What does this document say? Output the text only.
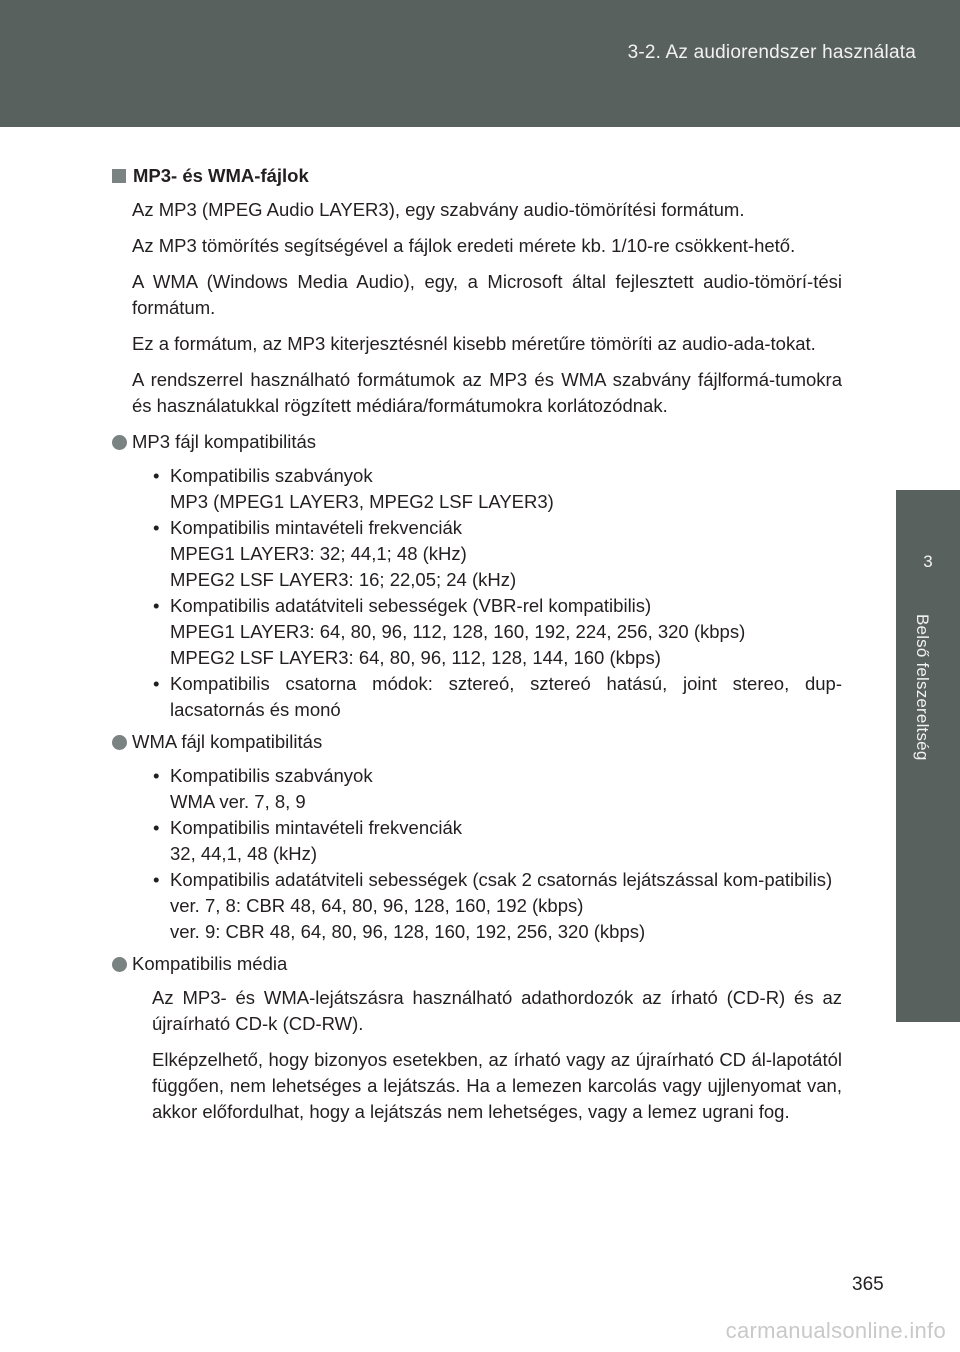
3-2. Az audiorendszer használata
3
Belső felszereltség
MP3- és WMA-fájlok

Az MP3 (MPEG Audio LAYER3), egy szabvány audio-tömörítési formátum.

Az MP3 tömörítés segítségével a fájlok eredeti mérete kb. 1/10-re csökkent-hető.

A WMA (Windows Media Audio), egy, a Microsoft által fejlesztett audio-tömörí-tési formátum.

Ez a formátum, az MP3 kiterjesztésnél kisebb méretűre tömöríti az audio-ada-tokat.

A rendszerrel használható formátumok az MP3 és WMA szabvány fájlformá-tumokra és használatukkal rögzített médiára/formátumokra korlátozódnak.

MP3 fájl kompatibilitás
• Kompatibilis szabványok
MP3 (MPEG1 LAYER3, MPEG2 LSF LAYER3)
• Kompatibilis mintavételi frekvenciák
MPEG1 LAYER3: 32; 44,1; 48 (kHz)
MPEG2 LSF LAYER3: 16; 22,05; 24 (kHz)
• Kompatibilis adatátviteli sebességek (VBR-rel kompatibilis)
MPEG1 LAYER3: 64, 80, 96, 112, 128, 160, 192, 224, 256, 320 (kbps)
MPEG2 LSF LAYER3: 64, 80, 96, 112, 128, 144, 160 (kbps)
• Kompatibilis csatorna módok: sztereó, sztereó hatású, joint stereo, dup-lacsatornás és monó
WMA fájl kompatibilitás
• Kompatibilis szabványok
WMA ver. 7, 8, 9
• Kompatibilis mintavételi frekvenciák
32, 44,1, 48 (kHz)
• Kompatibilis adatátviteli sebességek (csak 2 csatornás lejátszással kom-patibilis)
ver. 7, 8: CBR 48, 64, 80, 96, 128, 160, 192 (kbps)
ver. 9: CBR 48, 64, 80, 96, 128, 160, 192, 256, 320 (kbps)
Kompatibilis média

Az MP3- és WMA-lejátszásra használható adathordozók az írható (CD-R) és az újraírható CD-k (CD-RW).

Elképzelhető, hogy bizonyos esetekben, az írható vagy az újraírható CD ál-lapotától függően, nem lehetséges a lejátszás. Ha a lemezen karcolás vagy ujjlenyomat van, akkor előfordulhat, hogy a lejátszás nem lehetséges, vagy a lemez ugrani fog.

365
carmanualsonline.info
